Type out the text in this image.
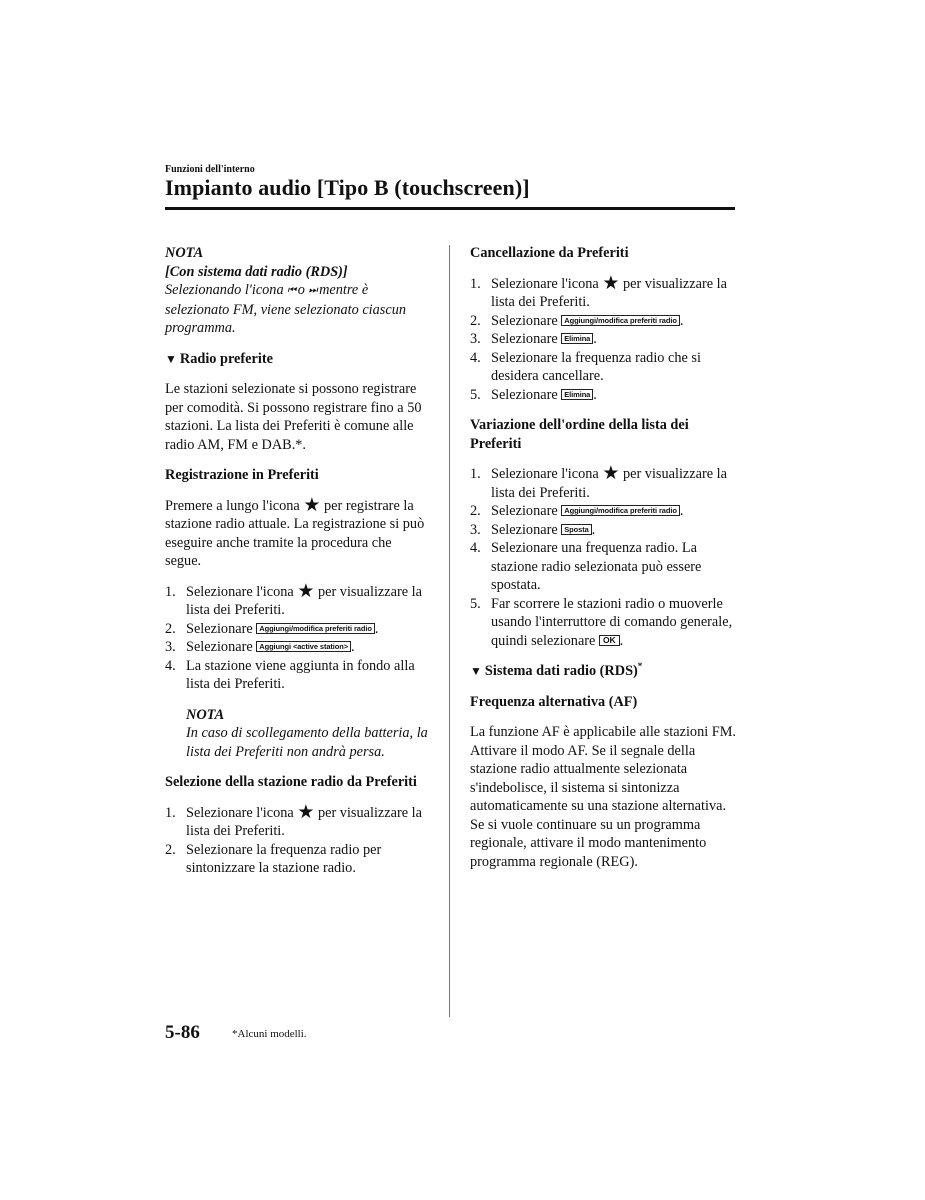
Funzioni dell'interno
Impianto audio [Tipo B (touchscreen)]

NOTA

[Con sistema dati radio (RDS)]

Selezionando l'icona ⏮ o ⏭ mentre è selezionato FM, viene selezionato ciascun programma.

▼ Radio preferite

Le stazioni selezionate si possono registrare per comodità. Si possono registrare fino a 50 stazioni. La lista dei Preferiti è comune alle radio AM, FM e DAB.*.

Registrazione in Preferiti

Premere a lungo l'icona ★ per registrare la stazione radio attuale. La registrazione si può eseguire anche tramite la procedura che segue.

1. Selezionare l'icona ★ per visualizzare la lista dei Preferiti.
2. Selezionare Aggiungi/modifica preferiti radio .
3. Selezionare Aggiungi <active station> .
4. La stazione viene aggiunta in fondo alla lista dei Preferiti.

NOTA

In caso di scollegamento della batteria, la lista dei Preferiti non andrà persa.

Selezione della stazione radio da Preferiti

1. Selezionare l'icona ★ per visualizzare la lista dei Preferiti.
2. Selezionare la frequenza radio per sintonizzare la stazione radio.

Cancellazione da Preferiti

1. Selezionare l'icona ★ per visualizzare la lista dei Preferiti.
2. Selezionare Aggiungi/modifica preferiti radio .
3. Selezionare Elimina .
4. Selezionare la frequenza radio che si desidera cancellare.
5. Selezionare Elimina .

Variazione dell'ordine della lista dei Preferiti

1. Selezionare l'icona ★ per visualizzare la lista dei Preferiti.
2. Selezionare Aggiungi/modifica preferiti radio .
3. Selezionare Sposta .
4. Selezionare una frequenza radio. La stazione radio selezionata può essere spostata.
5. Far scorrere le stazioni radio o muoverle usando l'interruttore di comando generale, quindi selezionare OK .

▼ Sistema dati radio (RDS)*

Frequenza alternativa (AF)

La funzione AF è applicabile alle stazioni FM. Attivare il modo AF. Se il segnale della stazione radio attualmente selezionata s'indebolisce, il sistema si sintonizza automaticamente su una stazione alternativa.
Se si vuole continuare su un programma regionale, attivare il modo mantenimento programma regionale (REG).

5-86	*Alcuni modelli.
